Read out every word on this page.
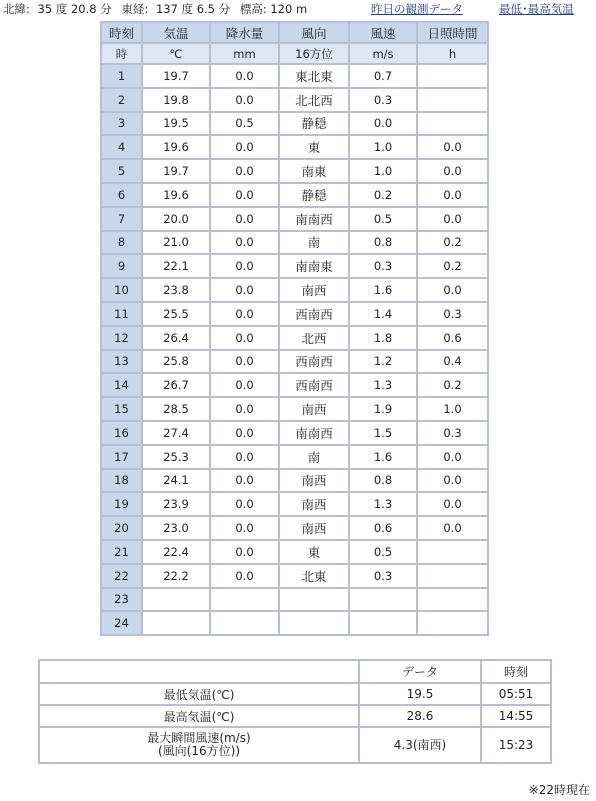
北緯: 35 度 20.8 分 東経: 137 度 6.5 分 標高: 120 m	昨日の観測データ	最低･最高気温
時刻	気温	降水量	風向	風速	日照時間
時	℃	mm	16方位	m/s	h
1	19.7	0.0	東北東	0.7	
2	19.8	0.0	北北西	0.3	
3	19.5	0.5	静穏	0.0	
4	19.6	0.0	東	1.0	0.0
5	19.7	0.0	南東	1.0	0.0
6	19.6	0.0	静穏	0.2	0.0
7	20.0	0.0	南南西	0.5	0.0
8	21.0	0.0	南	0.8	0.2
9	22.1	0.0	南南東	0.3	0.2
10	23.8	0.0	南西	1.6	0.0
11	25.5	0.0	西南西	1.4	0.3
12	26.4	0.0	北西	1.8	0.6
13	25.8	0.0	西南西	1.2	0.4
14	26.7	0.0	西南西	1.3	0.2
15	28.5	0.0	南西	1.9	1.0
16	27.4	0.0	南南西	1.5	0.3
17	25.3	0.0	南	1.6	0.0
18	24.1	0.0	南西	0.8	0.0
19	23.9	0.0	南西	1.3	0.0
20	23.0	0.0	南西	0.6	0.0
21	22.4	0.0	東	0.5	
22	22.2	0.0	北東	0.3	
23					
24					
	データ	時刻
最低気温(℃)	19.5	05:51
最高気温(℃)	28.6	14:55

最大瞬間風速(m/s)
(風向(16方位))	4.3(南西)	15:23
※22時現在
